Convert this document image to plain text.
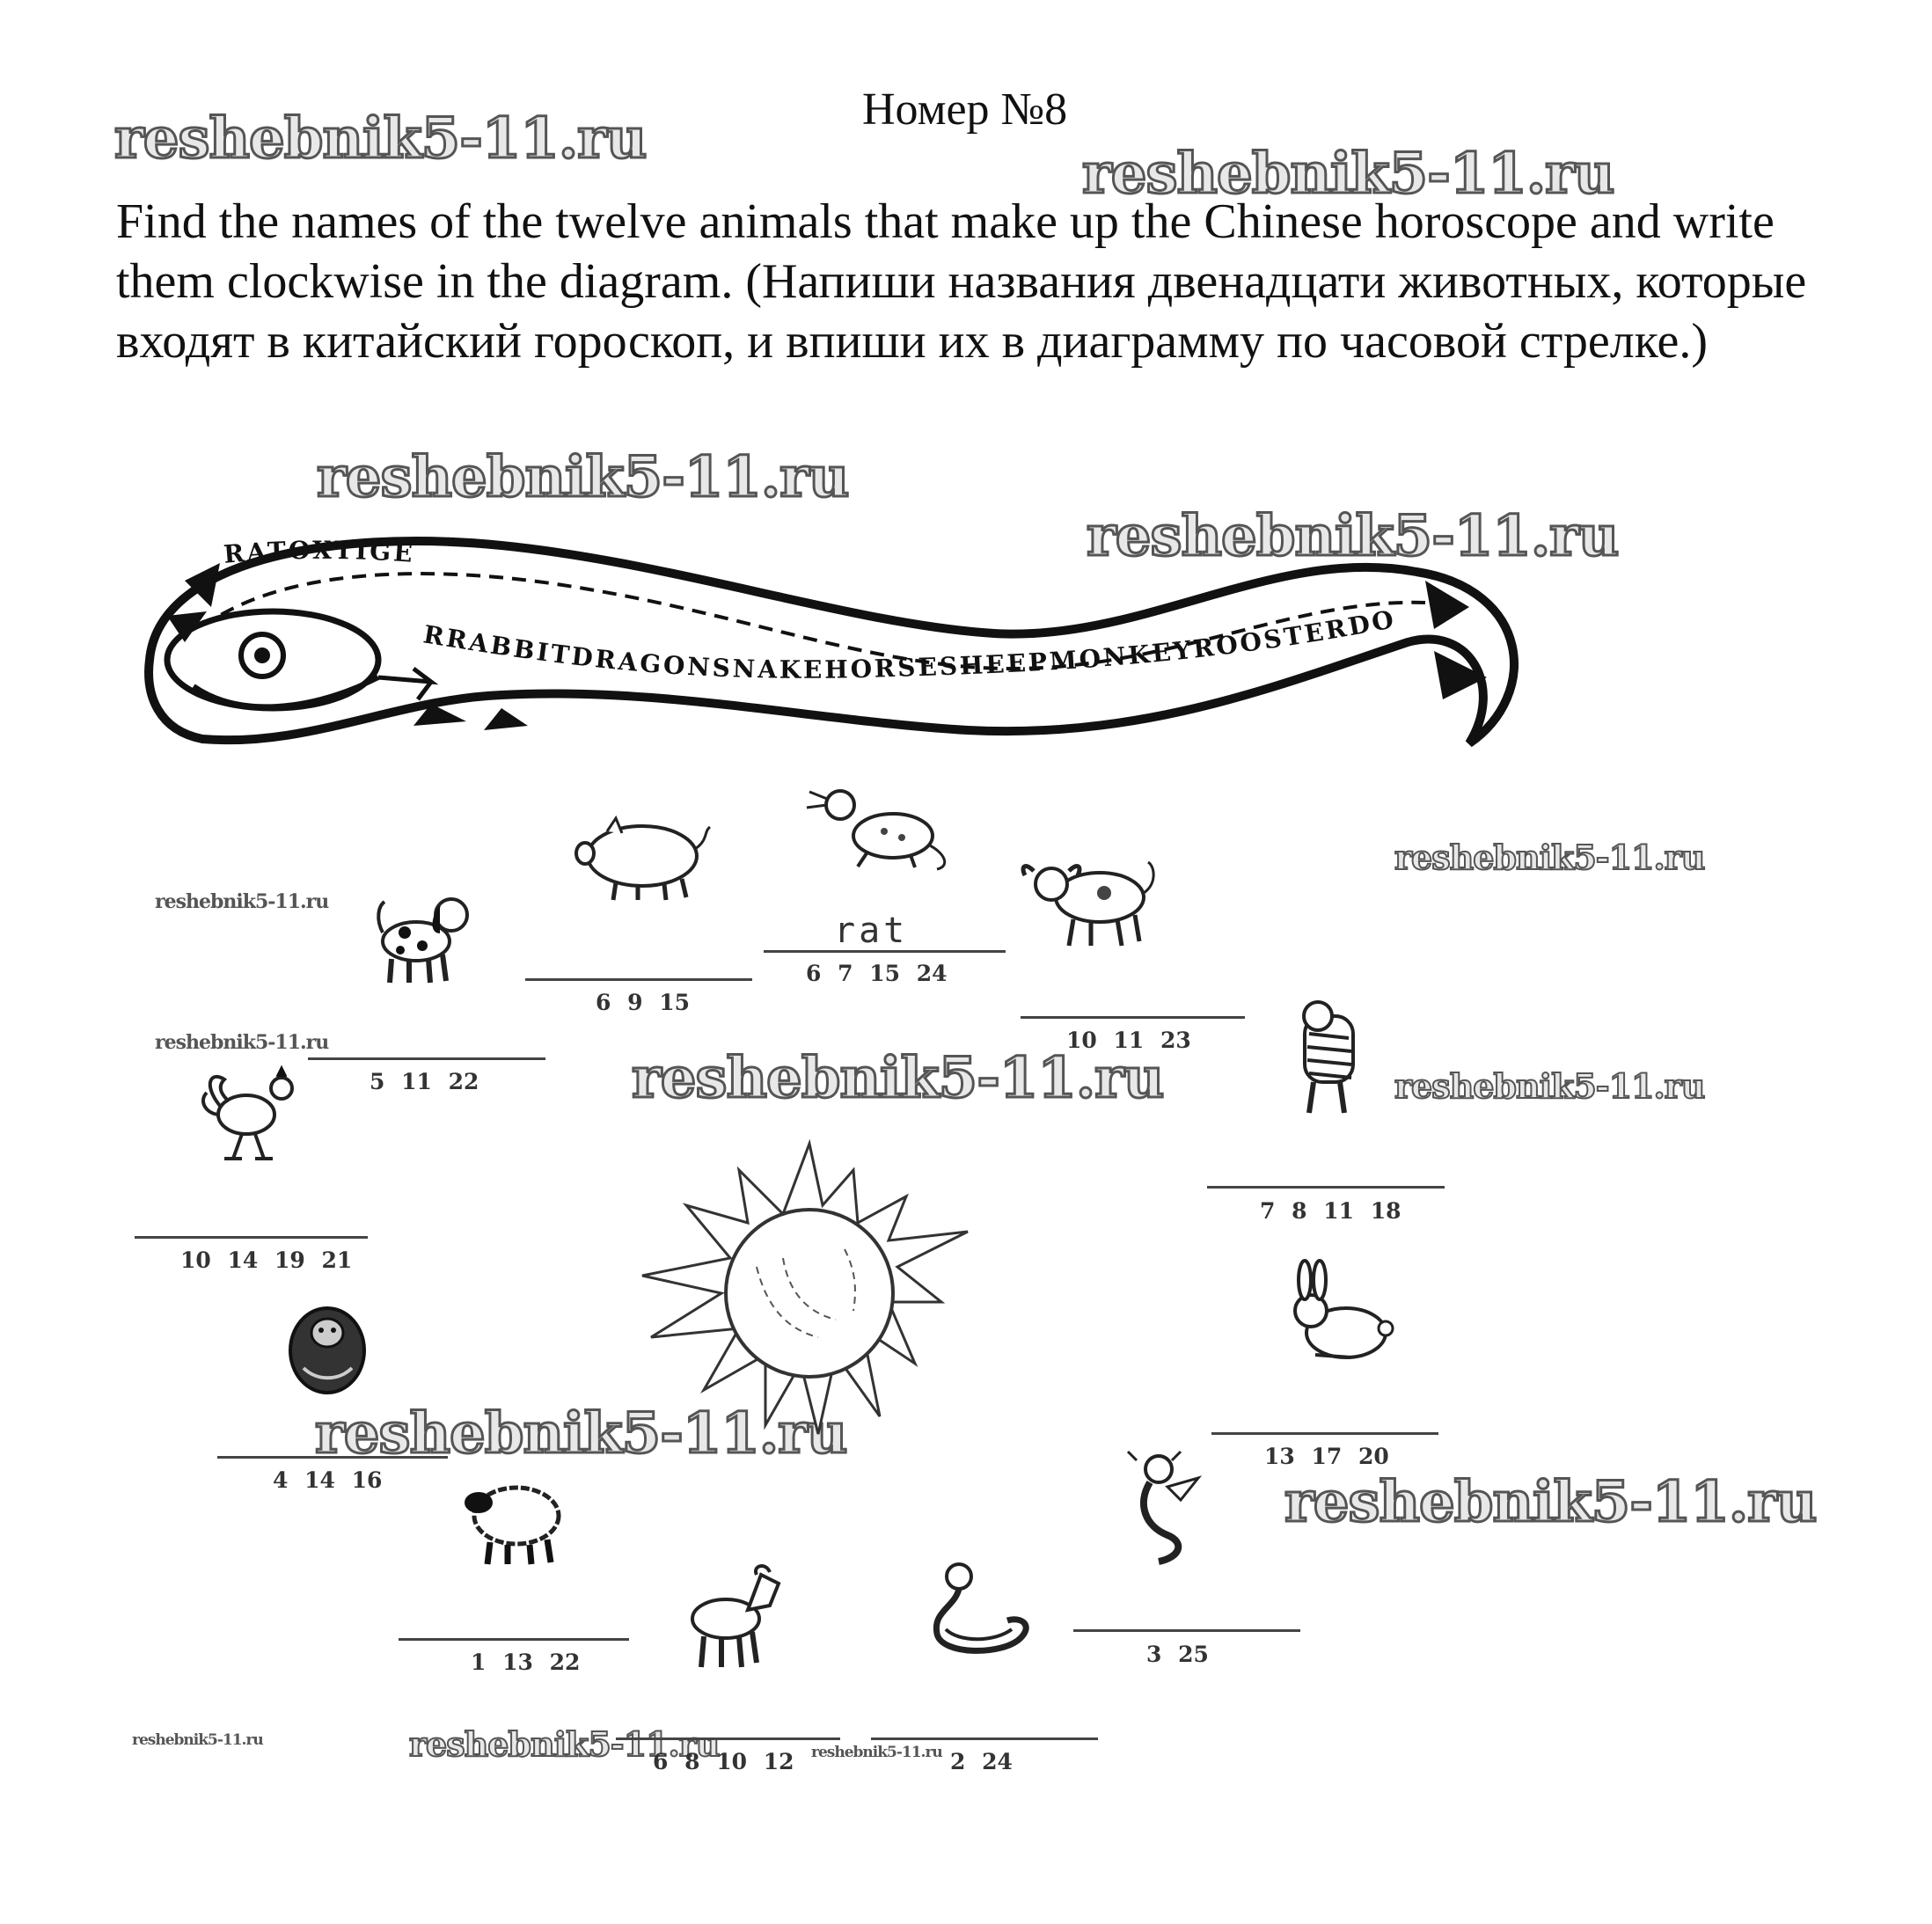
Номер №8
Find the names of the twelve animals that make up the Chinese horoscope and write them clockwise in the diagram. (Напиши названия двенадцати животных, которые входят в китайский гороскоп, и впиши их в диаграмму по часовой стрелке.)
reshebnik5-11.ru
reshebnik5-11.ru
reshebnik5-11.ru
reshebnik5-11.ru
reshebnik5-11.ru
reshebnik5-11.ru
reshebnik5-11.ru
reshebnik5-11.ru	reshebnik5-11.ru
reshebnik5-11.ru
reshebnik5-11.ru
reshebnik5-11.ru	reshebnik5-11.ru	reshebnik5-11.ru
RATOXTIGE
RRABBITDRAGONSNAKEHORSESHEEPMONKEYROOSTERDOGPIG
rat
6 7 15 24
10 11 23
7 8 11 18
13 17 20
3 25
2 24
6 8 10 12
1 13 22
4 14 16
10 14 19 21
5 11 22
6 9 15
